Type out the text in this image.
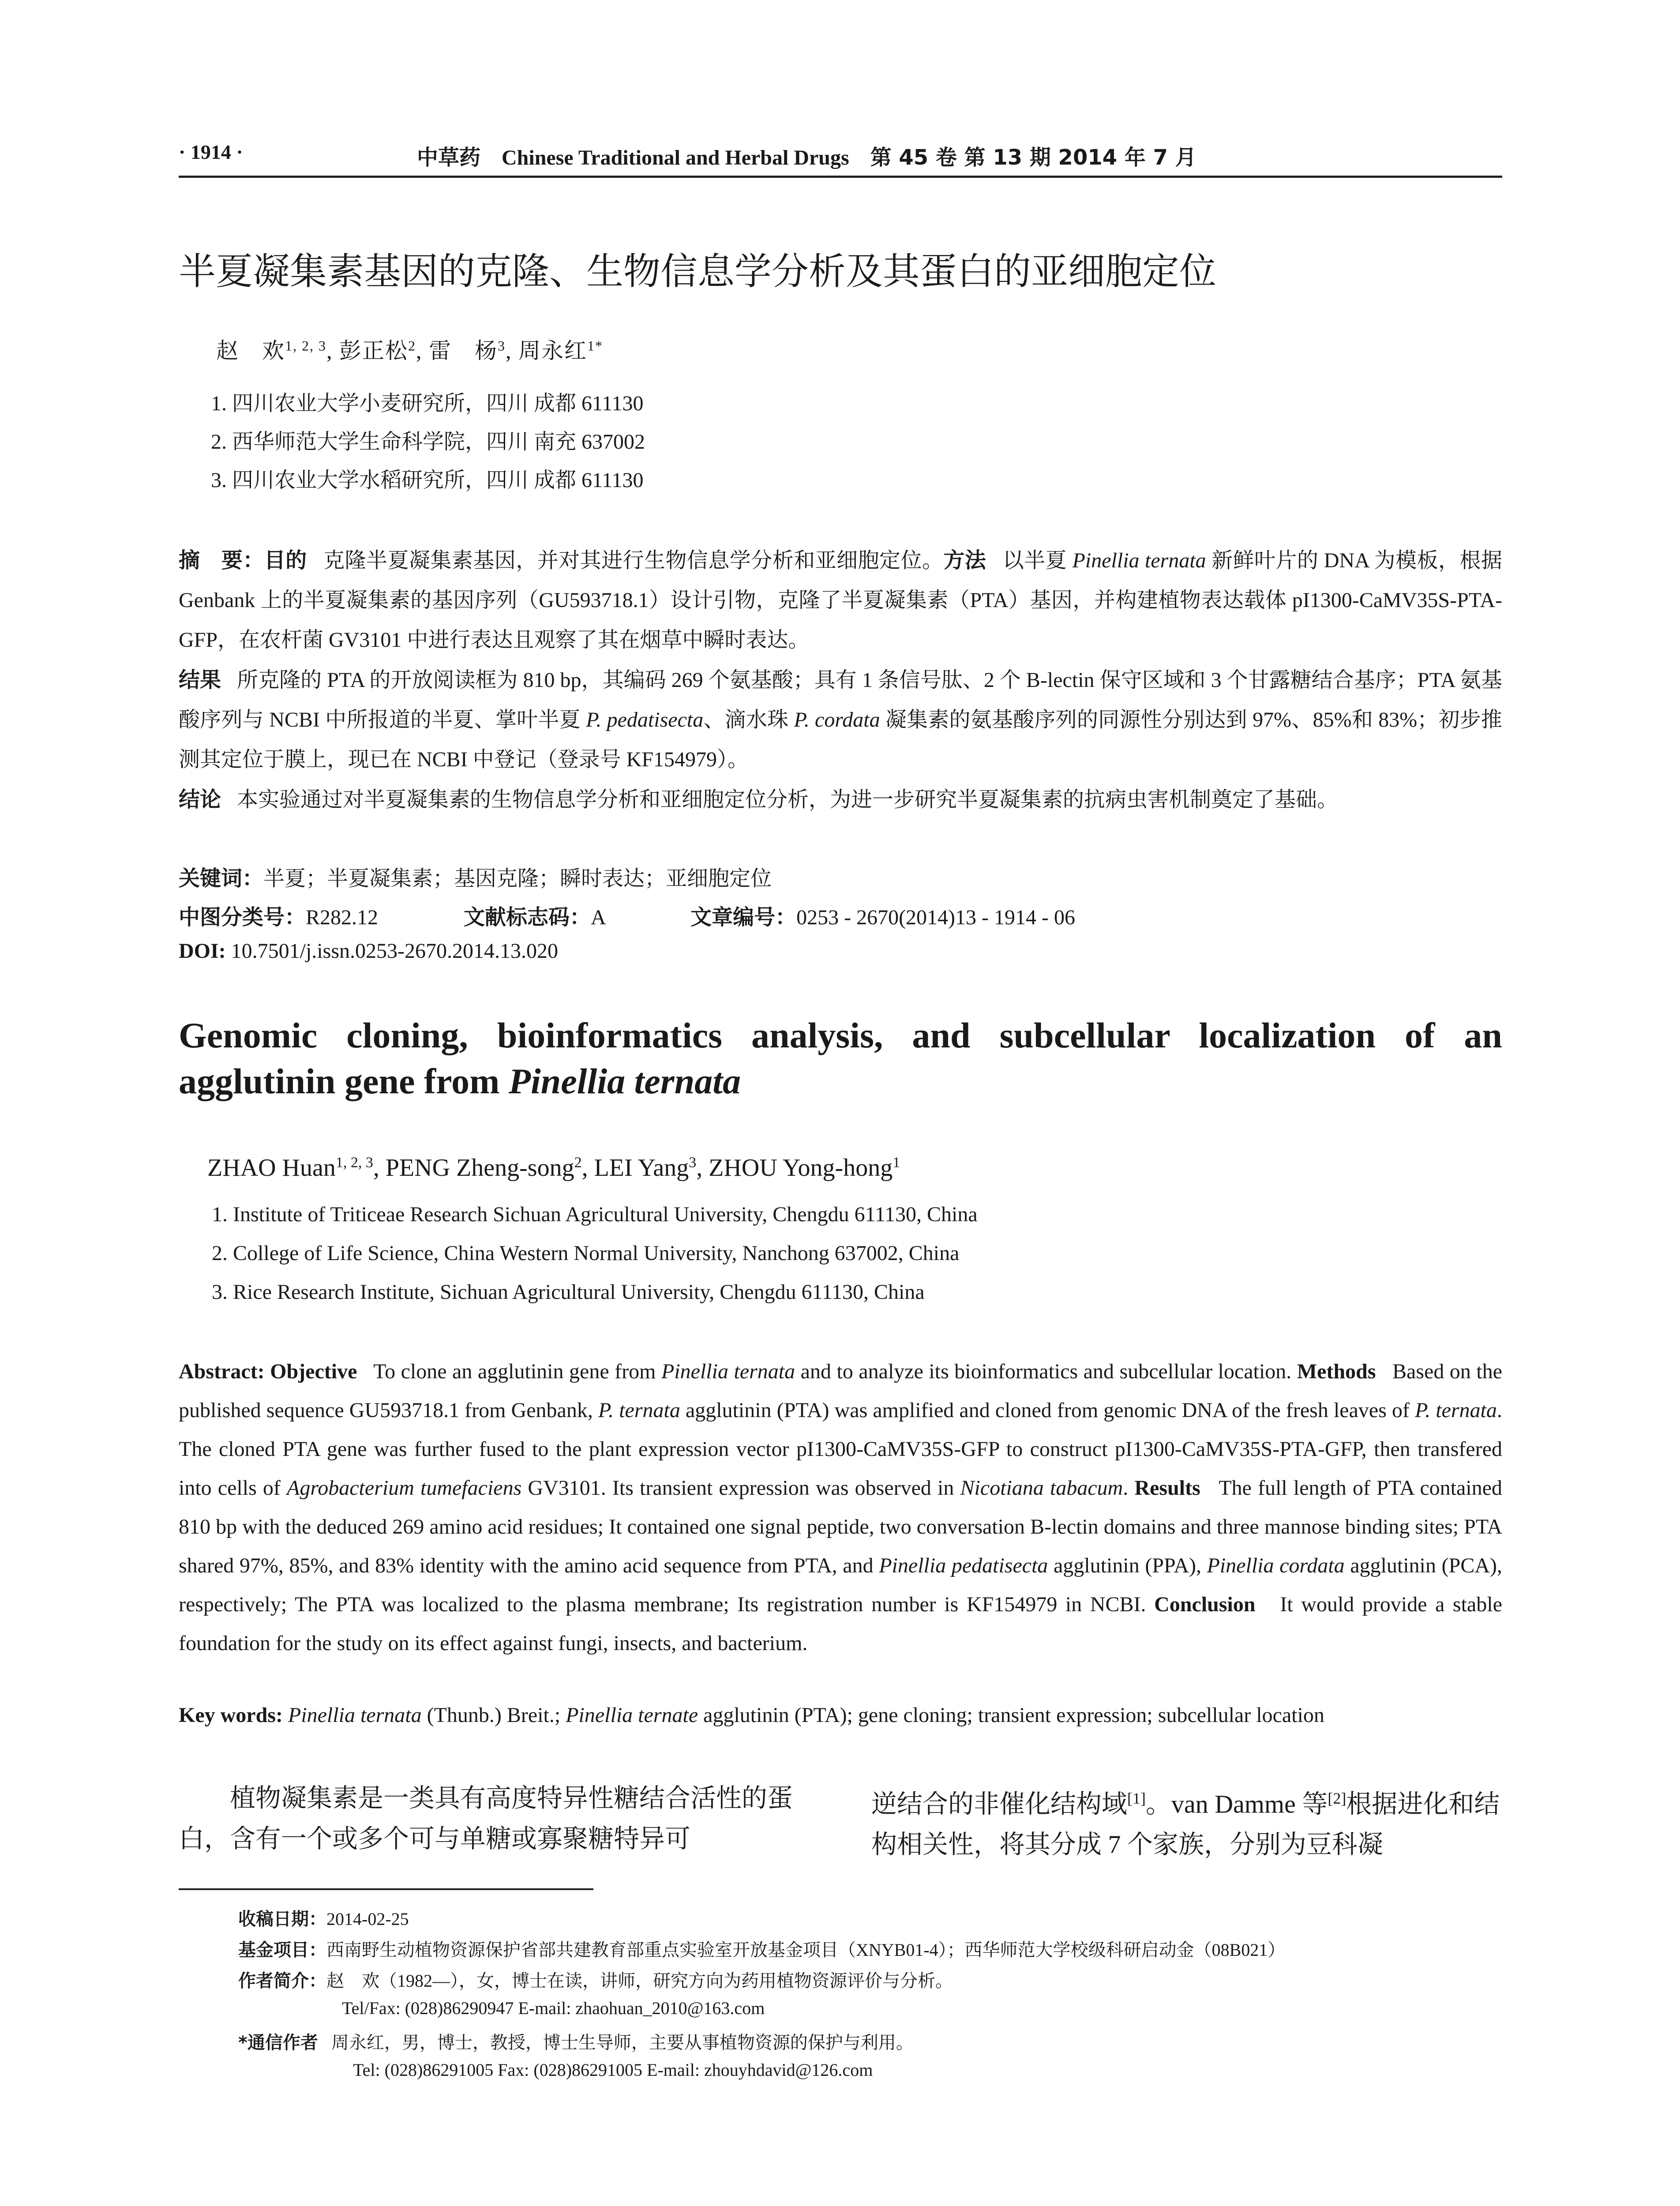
· 1914 ·	中草药 Chinese Traditional and Herbal Drugs 第 45 卷 第 13 期 2014 年 7 月
半夏凝集素基因的克隆、生物信息学分析及其蛋白的亚细胞定位
赵　欢$^{1, 2, 3}$, 彭正松$^2$, 雷　杨$^3$, 周永红$^{1*}$
1. 四川农业大学小麦研究所，四川 成都 611130
2. 西华师范大学生命科学院，四川 南充 637002
3. 四川农业大学水稻研究所，四川 成都 611130
摘　要：目的 克隆半夏凝集素基因，并对其进行生物信息学分析和亚细胞定位。方法 以半夏 Pinellia ternata 新鲜叶片的 DNA 为模板，根据 Genbank 上的半夏凝集素的基因序列（GU593718.1）设计引物，克隆了半夏凝集素（PTA）基因，并构建植物表达载体 pI1300-CaMV35S-PTA-GFP，在农杆菌 GV3101 中进行表达且观察了其在烟草中瞬时表达。
结果 所克隆的 PTA 的开放阅读框为 810 bp，其编码 269 个氨基酸；具有 1 条信号肽、2 个 B-lectin 保守区域和 3 个甘露糖结合基序；PTA 氨基酸序列与 NCBI 中所报道的半夏、掌叶半夏 P. pedatisecta、滴水珠 P. cordata 凝集素的氨基酸序列的同源性分别达到 97%、85%和 83%；初步推测其定位于膜上，现已在 NCBI 中登记（登录号 KF154979）。
结论 本实验通过对半夏凝集素的生物信息学分析和亚细胞定位分析，为进一步研究半夏凝集素的抗病虫害机制奠定了基础。
关键词：半夏；半夏凝集素；基因克隆；瞬时表达；亚细胞定位
中图分类号：R282.12	文献标志码：A	文章编号：0253 - 2670(2014)13 - 1914 - 06
DOI: 10.7501/j.issn.0253-2670.2014.13.020
Genomic cloning, bioinformatics analysis, and subcellular localization of an
agglutinin gene from Pinellia ternata
ZHAO Huan$^{1, 2, 3}$, PENG Zheng-song$^2$, LEI Yang$^3$, ZHOU Yong-hong$^1$
1. Institute of Triticeae Research Sichuan Agricultural University, Chengdu 611130, China
2. College of Life Science, China Western Normal University, Nanchong 637002, China
3. Rice Research Institute, Sichuan Agricultural University, Chengdu 611130, China
Abstract: Objective To clone an agglutinin gene from Pinellia ternata and to analyze its bioinformatics and subcellular location. Methods Based on the published sequence GU593718.1 from Genbank, P. ternata agglutinin (PTA) was amplified and cloned from genomic DNA of the fresh leaves of P. ternata. The cloned PTA gene was further fused to the plant expression vector pI1300-CaMV35S-GFP to construct pI1300-CaMV35S-PTA-GFP, then transfered into cells of Agrobacterium tumefaciens GV3101. Its transient expression was observed in Nicotiana tabacum. Results The full length of PTA contained 810 bp with the deduced 269 amino acid residues; It contained one signal peptide, two conversation B-lectin domains and three mannose binding sites; PTA shared 97%, 85%, and 83% identity with the amino acid sequence from PTA, and Pinellia pedatisecta agglutinin (PPA), Pinellia cordata agglutinin (PCA), respectively; The PTA was localized to the plasma membrane; Its registration number is KF154979 in NCBI. Conclusion It would provide a stable foundation for the study on its effect against fungi, insects, and bacterium.
Key words: Pinellia ternata (Thunb.) Breit.; Pinellia ternate agglutinin (PTA); gene cloning; transient expression; subcellular location
植物凝集素是一类具有高度特异性糖结合活性的蛋白，含有一个或多个可与单糖或寡聚糖特异可
逆结合的非催化结构域[1]。van Damme 等[2]根据进化和结构相关性，将其分成 7 个家族，分别为豆科凝
收稿日期：2014-02-25
基金项目：西南野生动植物资源保护省部共建教育部重点实验室开放基金项目（XNYB01-4）；西华师范大学校级科研启动金（08B021）
作者简介：赵　欢（1982—），女，博士在读，讲师，研究方向为药用植物资源评价与分析。
Tel/Fax: (028)86290947 E-mail: zhaohuan_2010@163.com
*通信作者 周永红，男，博士，教授，博士生导师，主要从事植物资源的保护与利用。
Tel: (028)86291005 Fax: (028)86291005 E-mail: zhouyhdavid@126.com
